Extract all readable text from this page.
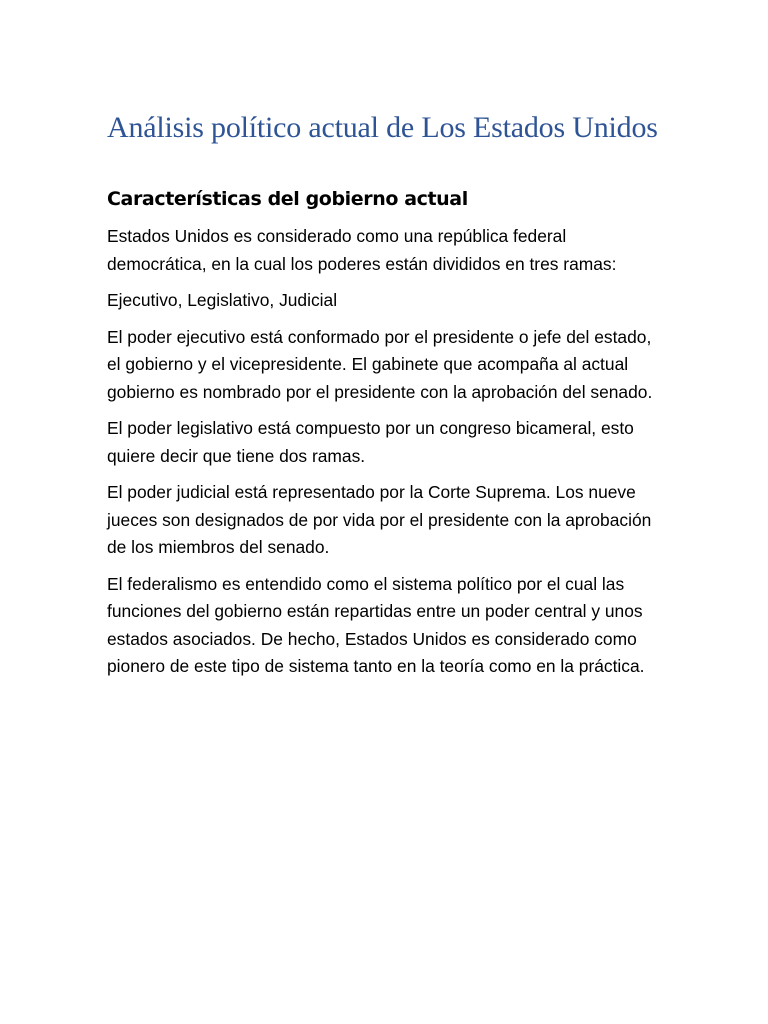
Análisis político actual de Los Estados Unidos
Características del gobierno actual

Estados Unidos es considerado como una república federal democrática, en la cual los poderes están divididos en tres ramas:

Ejecutivo, Legislativo, Judicial

El poder ejecutivo está conformado por el presidente o jefe del estado, el gobierno y el vicepresidente. El gabinete que acompaña al actual gobierno es nombrado por el presidente con la aprobación del senado.

El poder legislativo está compuesto por un congreso bicameral, esto quiere decir que tiene dos ramas.

El poder judicial está representado por la Corte Suprema. Los nueve jueces son designados de por vida por el presidente con la aprobación de los miembros del senado.

El federalismo es entendido como el sistema político por el cual las funciones del gobierno están repartidas entre un poder central y unos estados asociados. De hecho, Estados Unidos es considerado como pionero de este tipo de sistema tanto en la teoría como en la práctica.
